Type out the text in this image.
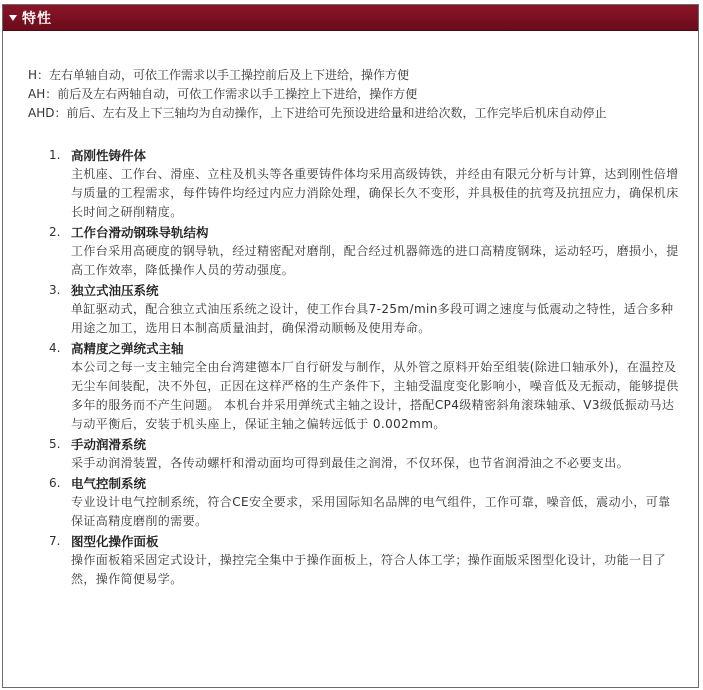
特性

H：左右单轴自动，可依工作需求以手工操控前后及上下进给，操作方便

AH：前后及左右两轴自动，可依工作需求以手工操控上下进给，操作方便

AHD：前后、左右及上下三轴均为自动操作，上下进给可先预设进给量和进给次数，工作完毕后机床自动停止

1. 高刚性铸件体
主机座、工作台、滑座、立柱及机头等各重要铸件体均采用高级铸铁，并经由有限元分析与计算，达到刚性倍增与质量的工程需求，每件铸件均经过内应力消除处理，确保长久不变形，并具极佳的抗弯及抗扭应力，确保机床长时间之研削精度。
2. 工作台滑动钢珠导轨结构
工作台采用高硬度的钢导轨，经过精密配对磨削，配合经过机器筛选的进口高精度钢珠，运动轻巧，磨损小，提高工作效率，降低操作人员的劳动强度。
3. 独立式油压系统
单缸驱动式，配合独立式油压系统之设计，使工作台具7-25m/min多段可调之速度与低震动之特性，适合多种用途之加工，选用日本制高质量油封，确保滑动顺畅及使用寿命。
4. 高精度之弹统式主轴
本公司之每一支主轴完全由台湾建德本厂自行研发与制作，从外管之原料开始至组装(除进口轴承外)，在温控及无尘车间装配，决不外包，正因在这样严格的生产条件下，主轴受温度变化影响小，噪音低及无振动，能够提供多年的服务而不产生问题。 本机台并采用弹统式主轴之设计，搭配CP4级精密斜角滚珠轴承、V3级低振动马达与动平衡后，安装于机头座上，保证主轴之偏转远低于 0.002mm。
5. 手动润滑系统
采手动润滑装置，各传动螺杆和滑动面均可得到最佳之润滑，不仅环保，也节省润滑油之不必要支出。
6. 电气控制系统
专业设计电气控制系统，符合CE安全要求，采用国际知名品牌的电气组件，工作可靠，噪音低，震动小，可靠保证高精度磨削的需要。
7. 图型化操作面板
操作面板箱采固定式设计，操控完全集中于操作面板上，符合人体工学；操作面版采图型化设计，功能一目了然，操作简便易学。
